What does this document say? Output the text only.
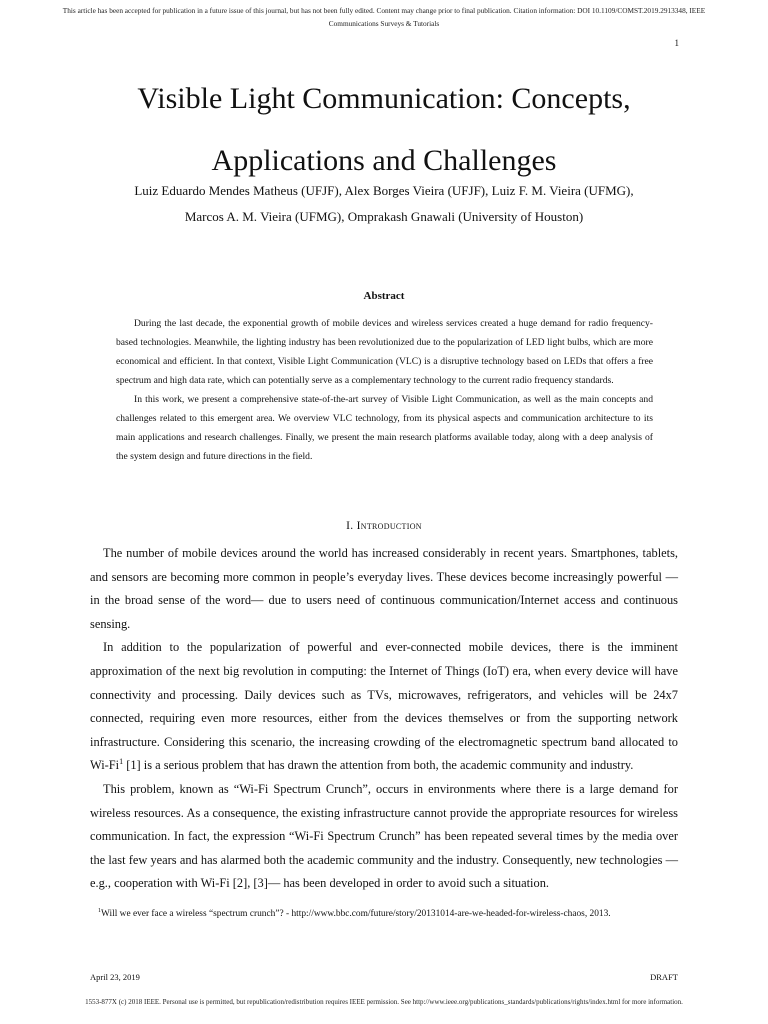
This article has been accepted for publication in a future issue of this journal, but has not been fully edited. Content may change prior to final publication. Citation information: DOI 10.1109/COMST.2019.2913348, IEEE
Communications Surveys & Tutorials
1
Visible Light Communication: Concepts,
Applications and Challenges
Luiz Eduardo Mendes Matheus (UFJF), Alex Borges Vieira (UFJF), Luiz F. M. Vieira (UFMG),
Marcos A. M. Vieira (UFMG), Omprakash Gnawali (University of Houston)
Abstract

During the last decade, the exponential growth of mobile devices and wireless services created a huge demand for radio frequency-based technologies. Meanwhile, the lighting industry has been revolutionized due to the popularization of LED light bulbs, which are more economical and efficient. In that context, Visible Light Communication (VLC) is a disruptive technology based on LEDs that offers a free spectrum and high data rate, which can potentially serve as a complementary technology to the current radio frequency standards.

In this work, we present a comprehensive state-of-the-art survey of Visible Light Communication, as well as the main concepts and challenges related to this emergent area. We overview VLC technology, from its physical aspects and communication architecture to its main applications and research challenges. Finally, we present the main research platforms available today, along with a deep analysis of the system design and future directions in the field.

I. Introduction

The number of mobile devices around the world has increased considerably in recent years. Smartphones, tablets, and sensors are becoming more common in people’s everyday lives. These devices become increasingly powerful —in the broad sense of the word— due to users need of continuous communication/Internet access and continuous sensing.

In addition to the popularization of powerful and ever-connected mobile devices, there is the imminent approximation of the next big revolution in computing: the Internet of Things (IoT) era, when every device will have connectivity and processing. Daily devices such as TVs, microwaves, refrigerators, and vehicles will be 24x7 connected, requiring even more resources, either from the devices themselves or from the supporting network infrastructure. Considering this scenario, the increasing crowding of the electromagnetic spectrum band allocated to Wi-Fi$^1$ [1] is a serious problem that has drawn the attention from both, the academic community and industry.

This problem, known as “Wi-Fi Spectrum Crunch”, occurs in environments where there is a large demand for wireless resources. As a consequence, the existing infrastructure cannot provide the appropriate resources for wireless communication. In fact, the expression “Wi-Fi Spectrum Crunch” has been repeated several times by the media over the last few years and has alarmed both the academic community and the industry. Consequently, new technologies —e.g., cooperation with Wi-Fi [2], [3]— has been developed in order to avoid such a situation.

$^1$Will we ever face a wireless “spectrum crunch”? - http://www.bbc.com/future/story/20131014-are-we-headed-for-wireless-chaos, 2013.
April 23, 2019	DRAFT
1553-877X (c) 2018 IEEE. Personal use is permitted, but republication/redistribution requires IEEE permission. See http://www.ieee.org/publications_standards/publications/rights/index.html for more information.
